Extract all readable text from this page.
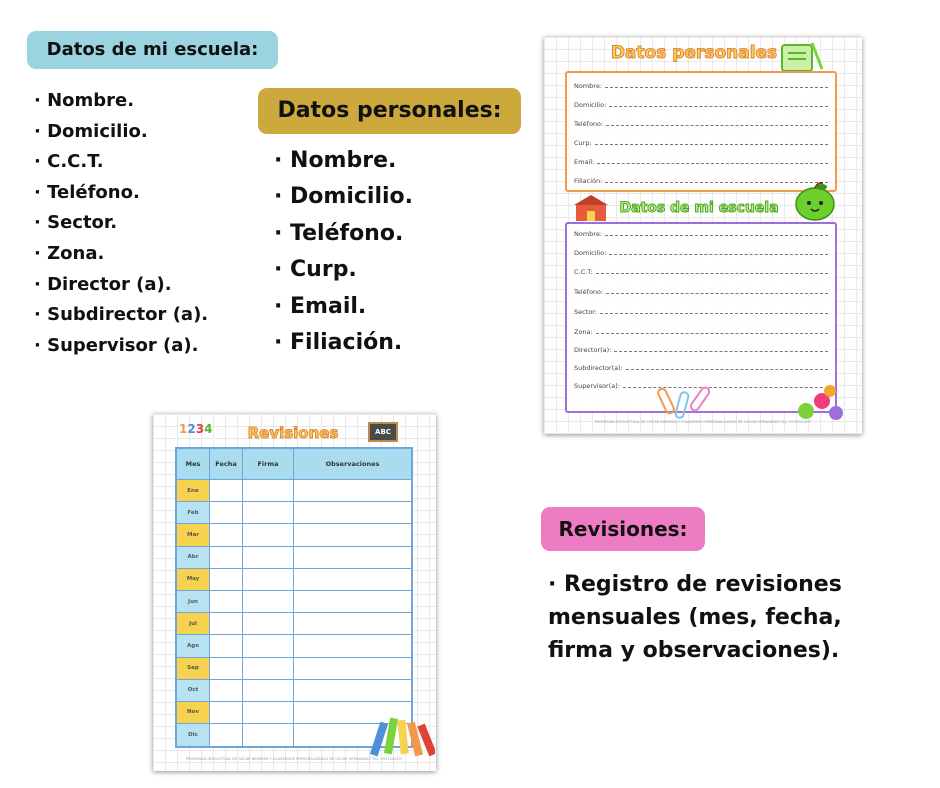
Datos de mi escuela:
· Nombre.
· Domicilio.
· C.C.T.
· Teléfono.
· Sector.
· Zona.
· Director (a).
· Subdirector (a).
· Supervisor (a).
Datos personales:
· Nombre.
· Domicilio.
· Teléfono.
· Curp.
· Email.
· Filiación.
Revisiones:

· Registro de revisiones mensuales (mes, fecha, firma y observaciones).

Datos personales
Nombre:
Domicilio:
Teléfono:
Curp:
Email:
Filiación:
Datos de mi escuela
Nombre:
Domicilio:
C.C.T:
Teléfono:
Sector:
Zona:
Director(a):
Subdirector(a):
Supervisor(a):
PROPIEDAD INTELECTUAL DE OSCAR BARRERA Y CUADERNOS PERSONALIZADOS DE OSCAR HERNANDEZ TEL: 9931542297
1234	Revisiones	ABC
Mes	Fecha	Firma	Observaciones
Ene			
Feb			
Mar			
Abr			
May			
Jun			
Jul			
Ago			
Sep			
Oct			
Nov			
Dic			
PROPIEDAD INTELECTUAL DE OSCAR BARRERA Y CUADERNOS PERSONALIZADOS DE OSCAR HERNANDEZ TEL: 9931542297
